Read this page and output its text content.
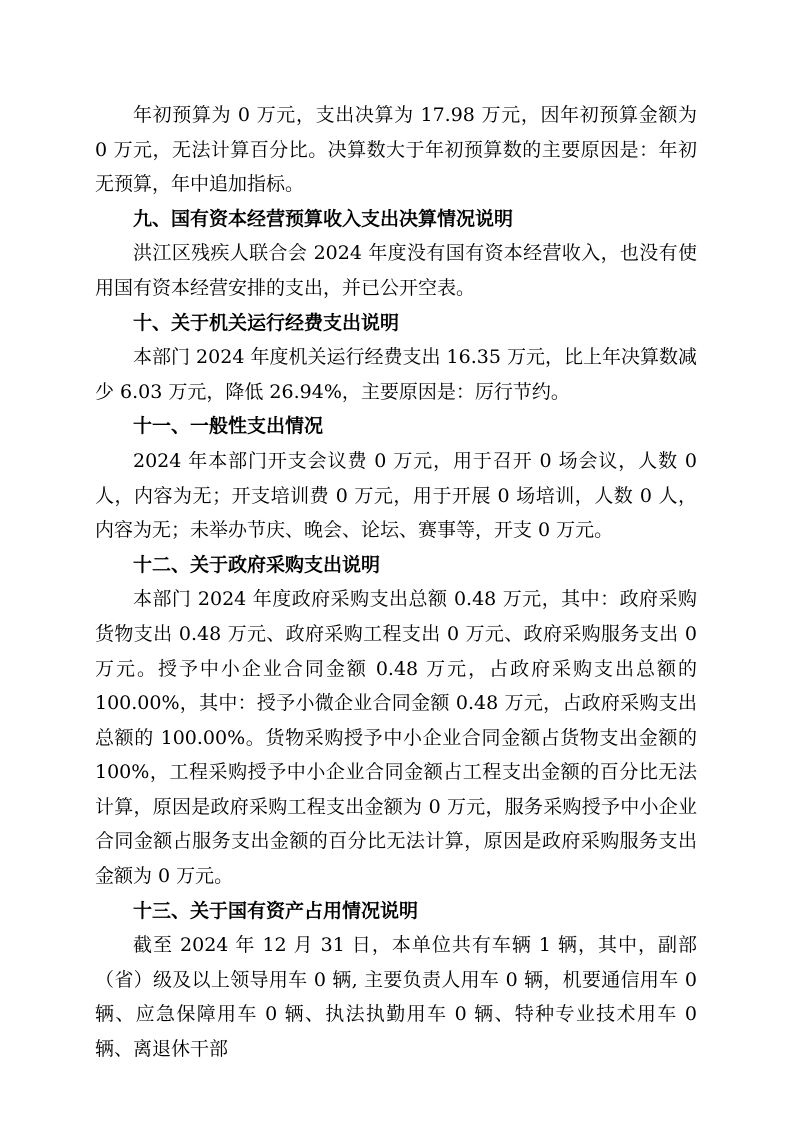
年初预算为 0 万元，支出决算为 17.98 万元，因年初预算金额为 0 万元，无法计算百分比。决算数大于年初预算数的主要原因是：年初无预算，年中追加指标。

九、国有资本经营预算收入支出决算情况说明

洪江区残疾人联合会 2024 年度没有国有资本经营收入，也没有使用国有资本经营安排的支出，并已公开空表。

十、关于机关运行经费支出说明

本部门 2024 年度机关运行经费支出 16.35 万元，比上年决算数减少 6.03 万元，降低 26.94%，主要原因是：厉行节约。

十一、一般性支出情况

2024 年本部门开支会议费 0 万元，用于召开 0 场会议，人数 0 人，内容为无；开支培训费 0 万元，用于开展 0 场培训，人数 0 人，内容为无；未举办节庆、晚会、论坛、赛事等，开支 0 万元。

十二、关于政府采购支出说明

本部门 2024 年度政府采购支出总额 0.48 万元，其中：政府采购货物支出 0.48 万元、政府采购工程支出 0 万元、政府采购服务支出 0 万元。授予中小企业合同金额 0.48 万元，占政府采购支出总额的 100.00%，其中：授予小微企业合同金额 0.48 万元，占政府采购支出总额的 100.00%。货物采购授予中小企业合同金额占货物支出金额的 100%，工程采购授予中小企业合同金额占工程支出金额的百分比无法计算，原因是政府采购工程支出金额为 0 万元，服务采购授予中小企业合同金额占服务支出金额的百分比无法计算，原因是政府采购服务支出金额为 0 万元。

十三、关于国有资产占用情况说明

截至 2024 年 12 月 31 日，本单位共有车辆 1 辆，其中，副部（省）级及以上领导用车 0 辆, 主要负责人用车 0 辆，机要通信用车 0 辆、应急保障用车 0 辆、执法执勤用车 0 辆、特种专业技术用车 0 辆、离退休干部
